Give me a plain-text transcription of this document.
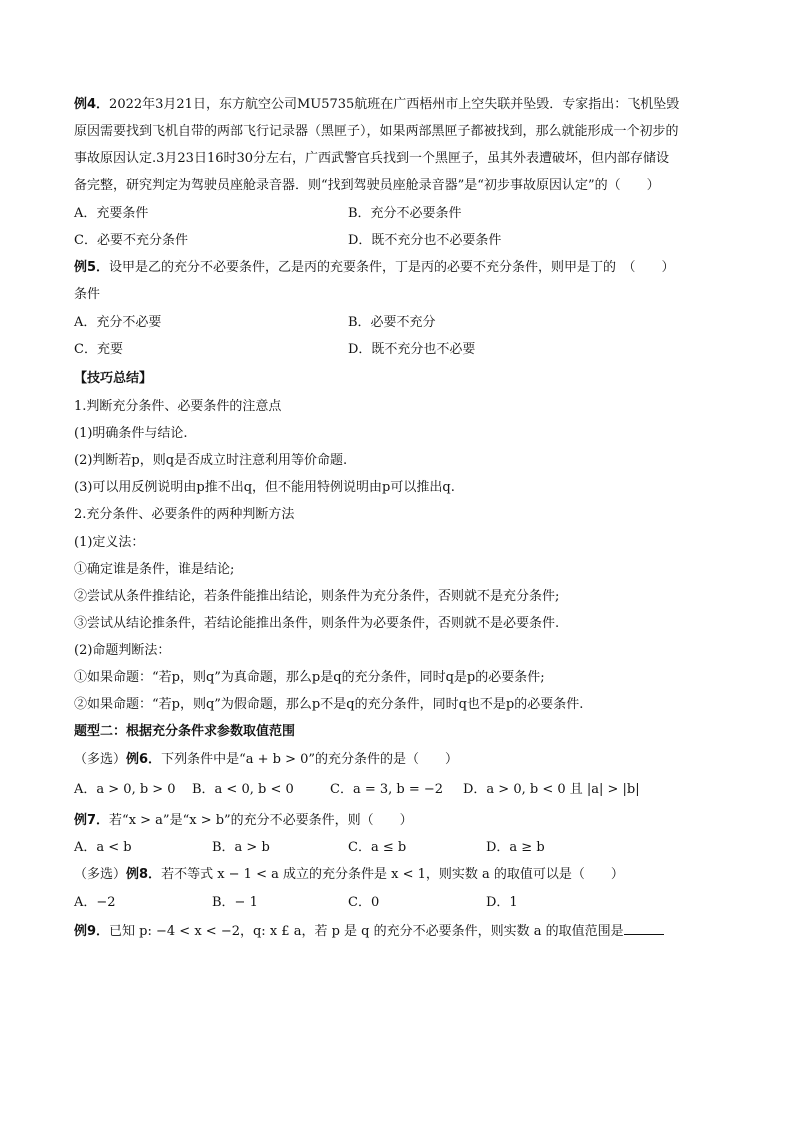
例4．2022年3月21日，东方航空公司MU5735航班在广西梧州市上空失联并坠毁．专家指出：飞机坠毁
原因需要找到飞机自带的两部飞行记录器（黑匣子），如果两部黑匣子都被找到，那么就能形成一个初步的
事故原因认定.3月23日16时30分左右，广西武警官兵找到一个黑匣子，虽其外表遭破坏，但内部存储设
备完整，研究判定为驾驶员座舱录音器．则“找到驾驶员座舱录音器”是“初步事故原因认定”的（　　）
A．充要条件	B．充分不必要条件
C．必要不充分条件	D．既不充分也不必要条件
例5．设甲是乙的充分不必要条件，乙是丙的充要条件，丁是丙的必要不充分条件，则甲是丁的　（　　）
条件
A．充分不必要	B．必要不充分
C．充要	D．既不充分也不必要
【技巧总结】
1.判断充分条件、必要条件的注意点
(1)明确条件与结论.
(2)判断若p，则q是否成立时注意利用等价命题.
(3)可以用反例说明由p推不出q，但不能用特例说明由p可以推出q.
2.充分条件、必要条件的两种判断方法
(1)定义法：
①确定谁是条件，谁是结论;
②尝试从条件推结论，若条件能推出结论，则条件为充分条件，否则就不是充分条件;
③尝试从结论推条件，若结论能推出条件，则条件为必要条件，否则就不是必要条件.
(2)命题判断法：
①如果命题：“若p，则q”为真命题，那么p是q的充分条件，同时q是p的必要条件;
②如果命题：“若p，则q”为假命题，那么p不是q的充分条件，同时q也不是p的必要条件.
题型二：根据充分条件求参数取值范围
（多选）例6．下列条件中是“a + b > 0”的充分条件的是（　　）
A．a > 0, b > 0 B．a < 0, b < 0	C．a = 3, b = −2 D．a > 0, b < 0 且 |a| > |b|
例7．若“x > a”是“x > b”的充分不必要条件，则（　　）
A．a < b	B．a > b	C．a ≤ b	D．a ≥ b
（多选）例8．若不等式 x − 1 < a 成立的充分条件是 x < 1，则实数 a 的取值可以是（　　）
A．−2	B．− 1	C．0	D．1
例9．已知 p: −4 < x < −2，q: x £ a，若 p 是 q 的充分不必要条件，则实数 a 的取值范围是
